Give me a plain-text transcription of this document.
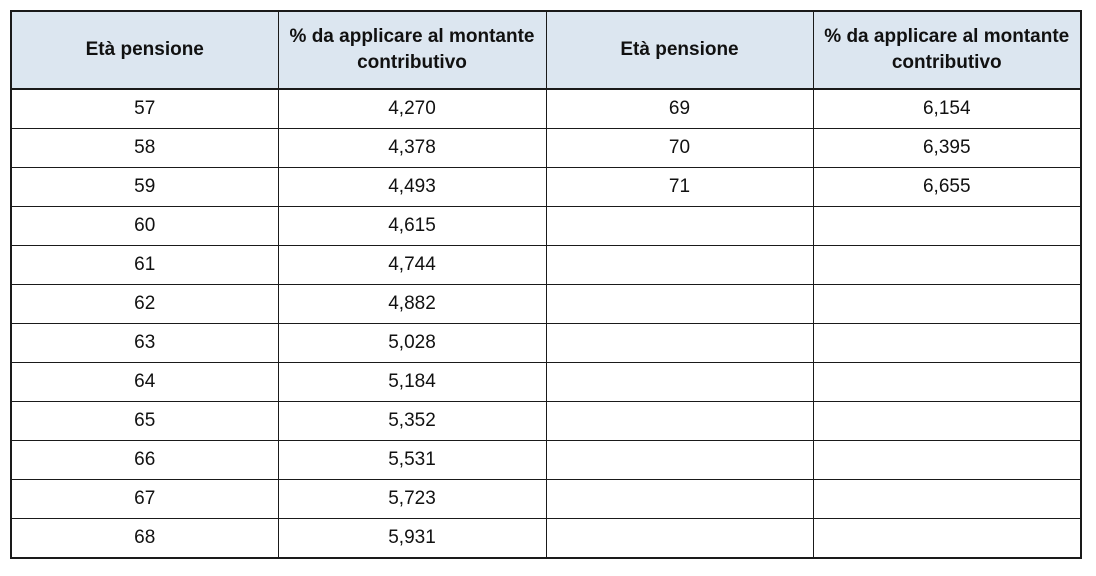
Età pensione	% da applicare al montante contributivo	Età pensione	% da applicare al montante contributivo
57	4,270	69	6,154
58	4,378	70	6,395
59	4,493	71	6,655
60	4,615		
61	4,744		
62	4,882		
63	5,028		
64	5,184		
65	5,352		
66	5,531		
67	5,723		
68	5,931		
